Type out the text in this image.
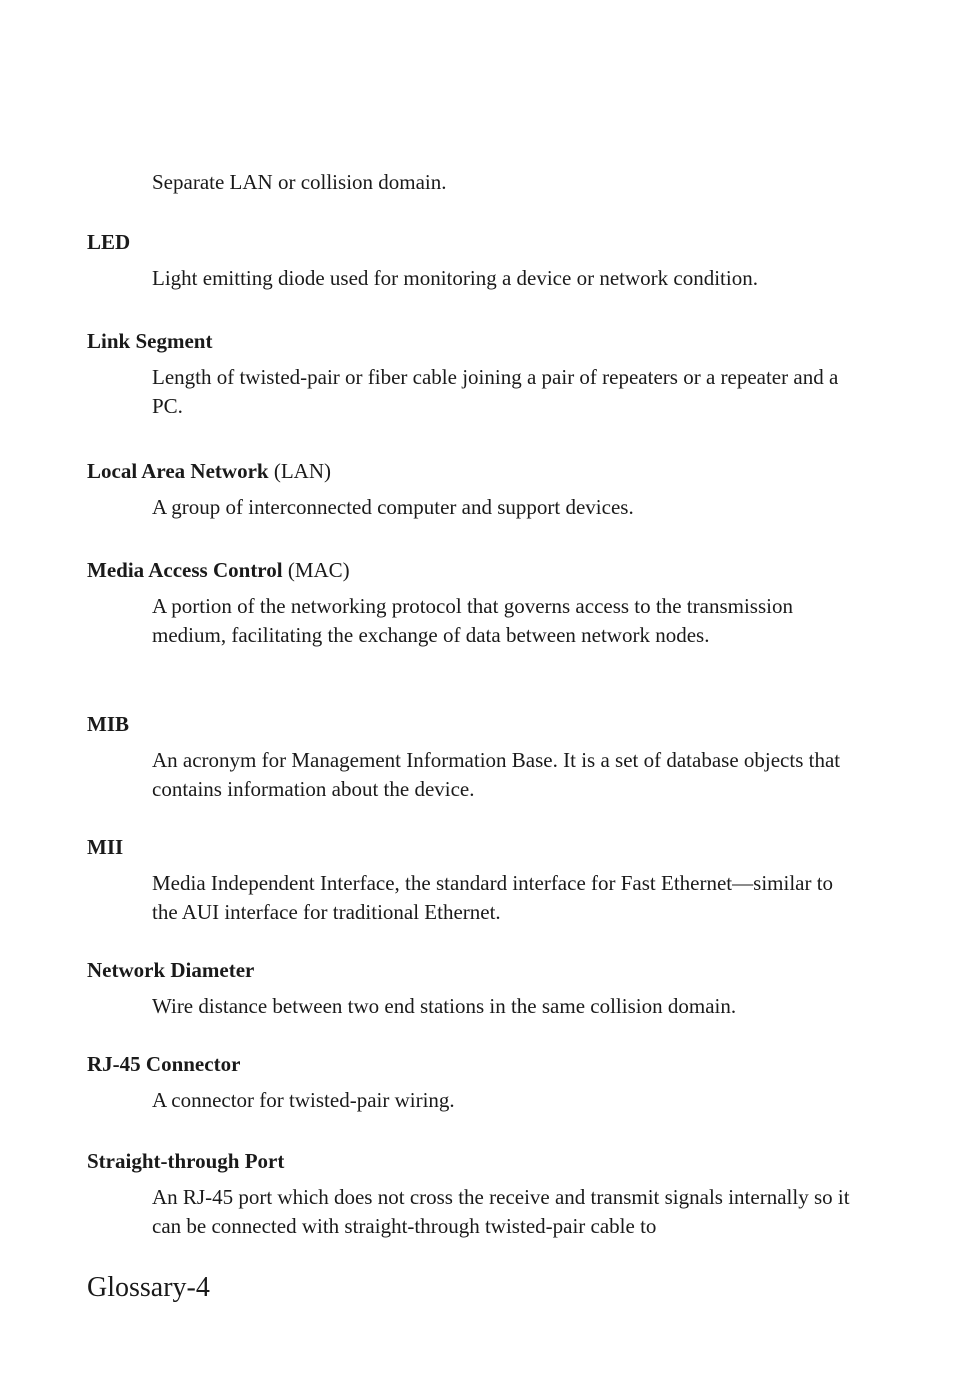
Separate LAN or collision domain.

LED

Light emitting diode used for monitoring a device or network condition.

Link Segment

Length of twisted-pair or fiber cable joining a pair of repeaters or a repeater and a PC.

Local Area Network (LAN)

A group of interconnected computer and support devices.

Media Access Control (MAC)

A portion of the networking protocol that governs access to the transmission medium, facilitating the exchange of data between network nodes.

MIB

An acronym for Management Information Base. It is a set of database objects that contains information about the device.

MII

Media Independent Interface, the standard interface for Fast Ethernet—similar to the AUI interface for traditional Ethernet.

Network Diameter

Wire distance between two end stations in the same collision domain.

RJ-45 Connector

A connector for twisted-pair wiring.

Straight-through Port

An RJ-45 port which does not cross the receive and transmit signals internally so it can be connected with straight-through twisted-pair cable to

Glossary-4
